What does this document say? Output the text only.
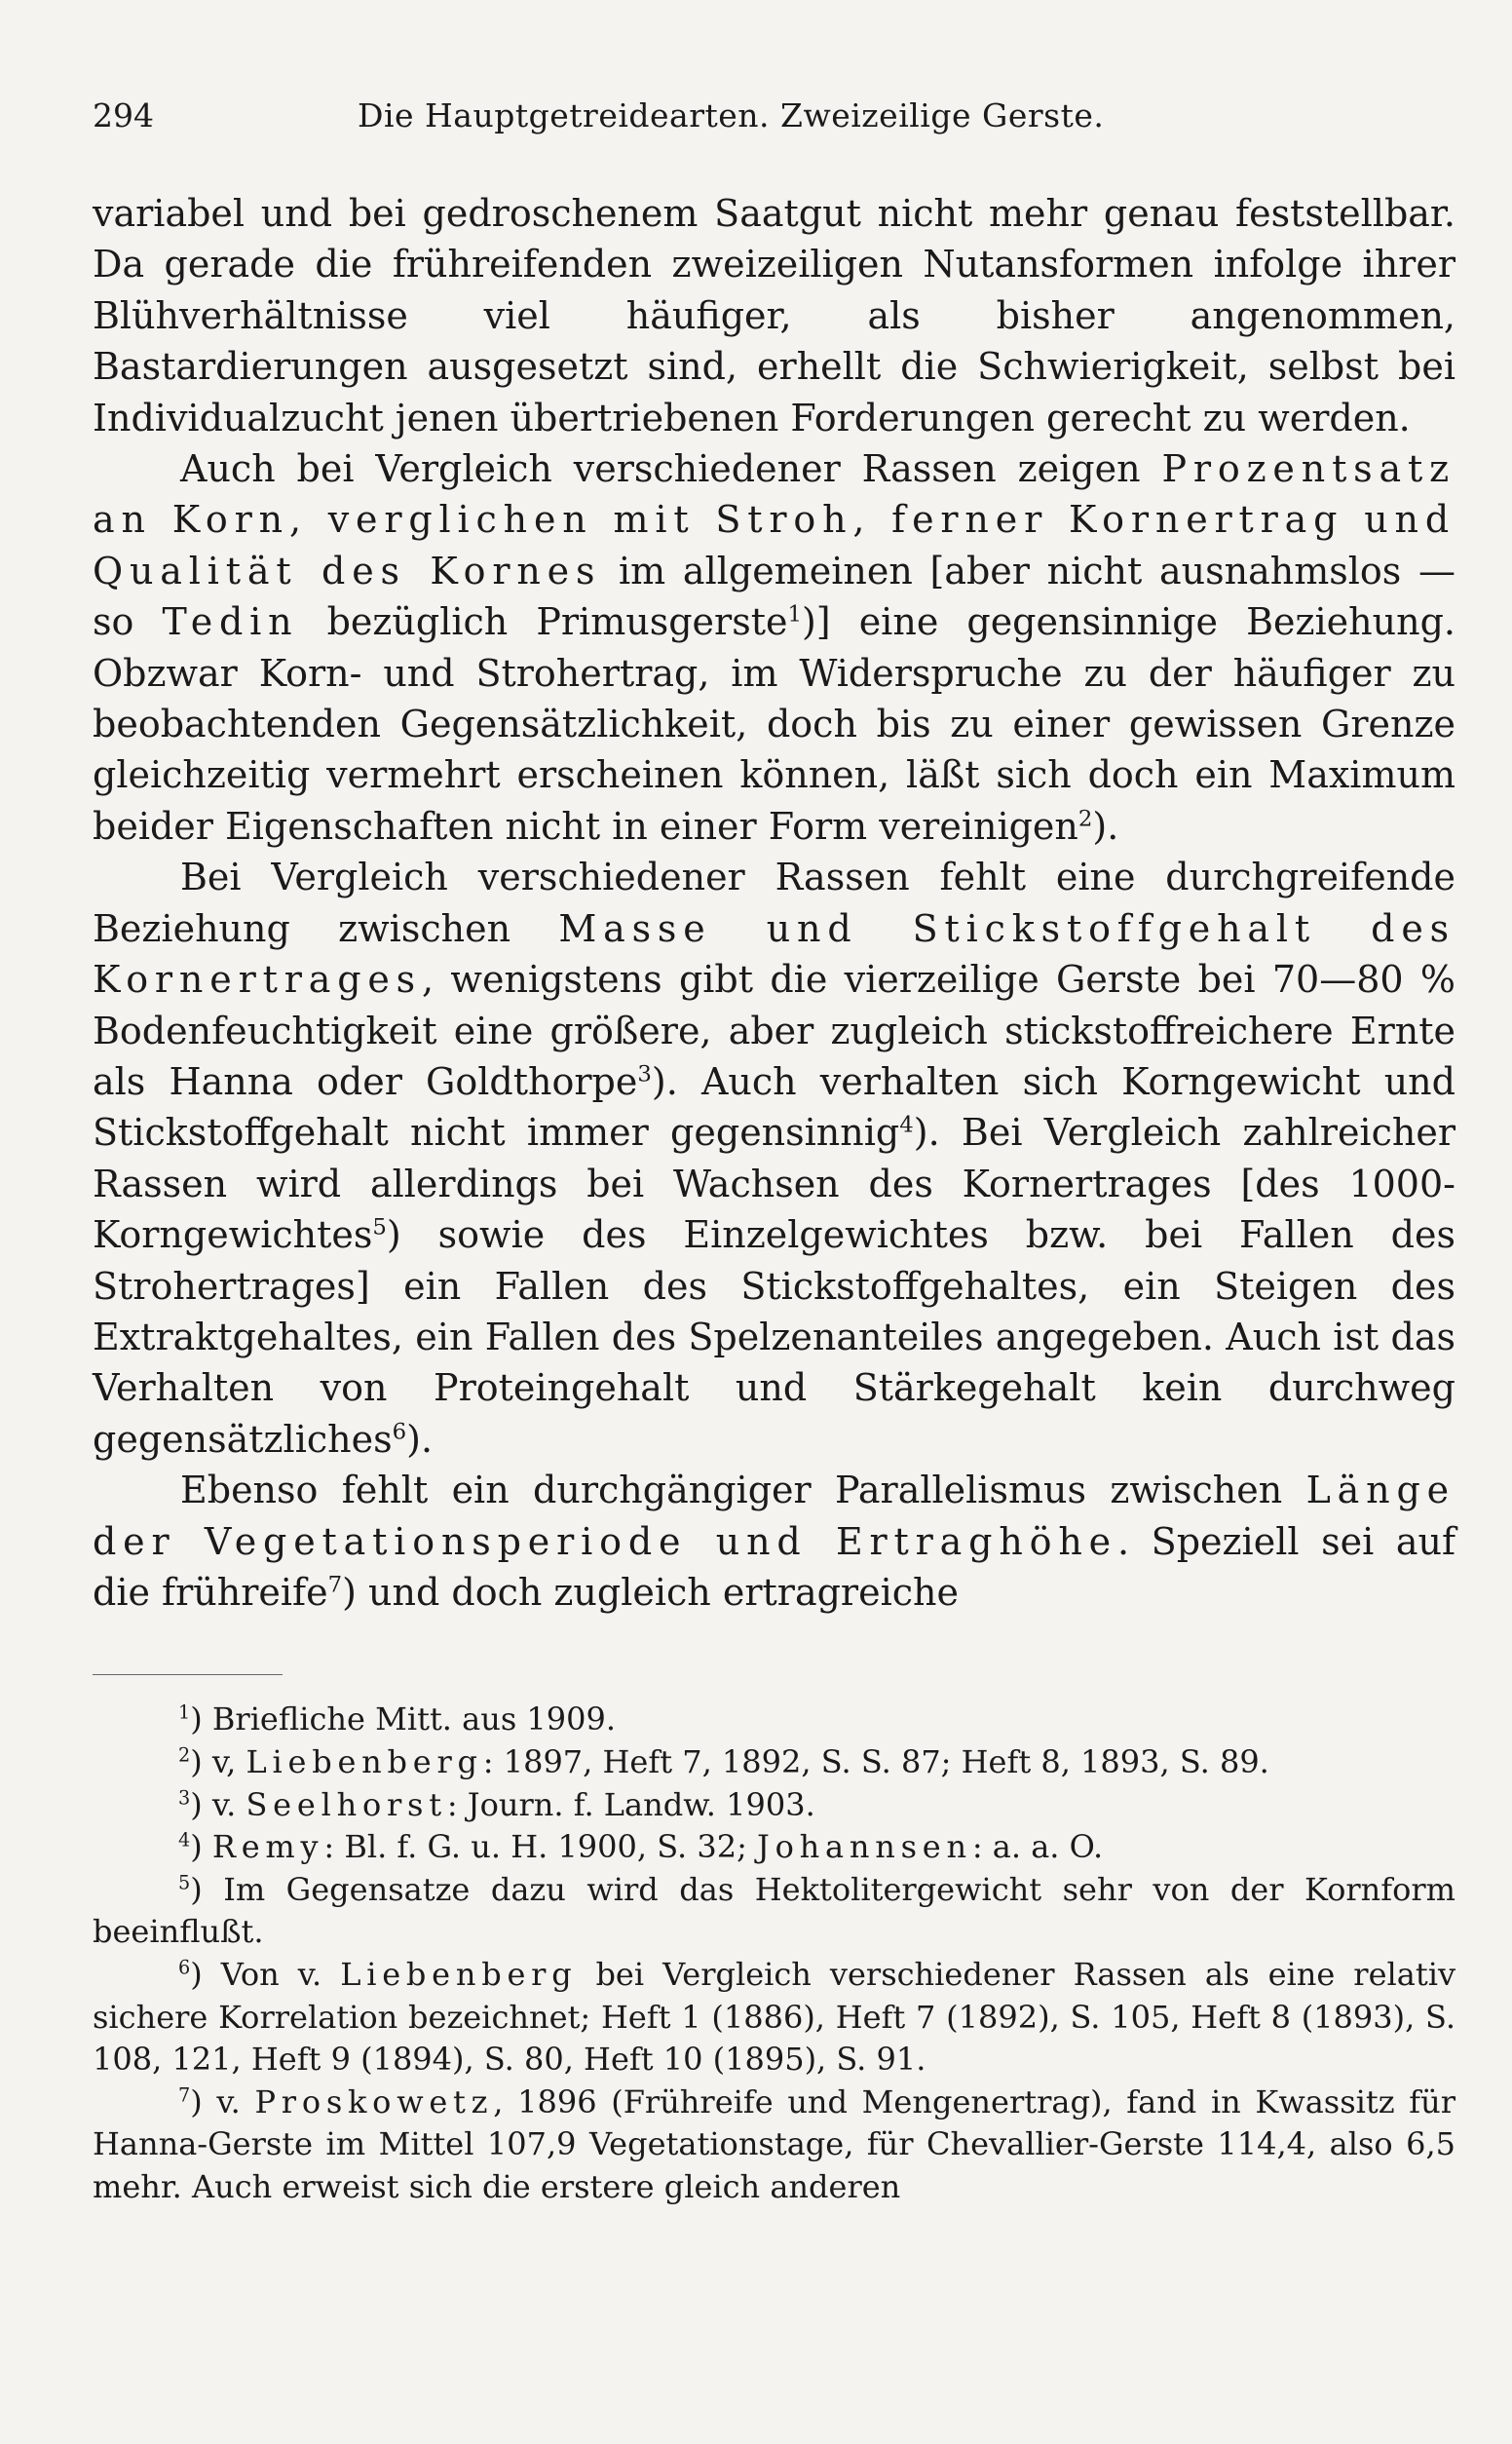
294	Die Hauptgetreidearten. Zweizeilige Gerste.

variabel und bei gedroschenem Saatgut nicht mehr genau feststellbar. Da gerade die frühreifenden zweizeiligen Nutansformen infolge ihrer Blühverhältnisse viel häufiger, als bisher angenommen, Bastardierungen ausgesetzt sind, erhellt die Schwierigkeit, selbst bei Individualzucht jenen übertriebenen Forderungen gerecht zu werden.

Auch bei Vergleich verschiedener Rassen zeigen Prozentsatz an Korn, verglichen mit Stroh, ferner Kornertrag und Qualität des Kornes im allgemeinen [aber nicht ausnahmslos — so Tedin bezüglich Primusgerste$^1$)] eine gegensinnige Beziehung. Obzwar Korn- und Strohertrag, im Widerspruche zu der häufiger zu beobachtenden Gegensätzlichkeit, doch bis zu einer gewissen Grenze gleichzeitig vermehrt erscheinen können, läßt sich doch ein Maximum beider Eigenschaften nicht in einer Form vereinigen$^2$).

Bei Vergleich verschiedener Rassen fehlt eine durchgreifende Beziehung zwischen Masse und Stickstoffgehalt des Kornertrages, wenigstens gibt die vierzeilige Gerste bei 70—80 % Bodenfeuchtigkeit eine größere, aber zugleich stickstoffreichere Ernte als Hanna oder Goldthorpe$^3$). Auch verhalten sich Korngewicht und Stickstoffgehalt nicht immer gegensinnig$^4$). Bei Vergleich zahlreicher Rassen wird allerdings bei Wachsen des Kornertrages [des 1000-Korngewichtes$^5$) sowie des Einzelgewichtes bzw. bei Fallen des Strohertrages] ein Fallen des Stickstoffgehaltes, ein Steigen des Extraktgehaltes, ein Fallen des Spelzenanteiles angegeben. Auch ist das Verhalten von Proteingehalt und Stärkegehalt kein durchweg gegensätzliches$^6$).

Ebenso fehlt ein durchgängiger Parallelismus zwischen Länge der Vegetationsperiode und Ertraghöhe. Speziell sei auf die frühreife$^7$) und doch zugleich ertragreiche

$^1$) Briefliche Mitt. aus 1909.

$^2$) v, Liebenberg: 1897, Heft 7, 1892, S. S. 87; Heft 8, 1893, S. 89.

$^3$) v. Seelhorst: Journ. f. Landw. 1903.

$^4$) Remy: Bl. f. G. u. H. 1900, S. 32; Johannsen: a. a. O.

$^5$) Im Gegensatze dazu wird das Hektolitergewicht sehr von der Kornform beeinflußt.

$^6$) Von v. Liebenberg bei Vergleich verschiedener Rassen als eine relativ sichere Korrelation bezeichnet; Heft 1 (1886), Heft 7 (1892), S. 105, Heft 8 (1893), S. 108, 121, Heft 9 (1894), S. 80, Heft 10 (1895), S. 91.

$^7$) v. Proskowetz, 1896 (Frühreife und Mengenertrag), fand in Kwassitz für Hanna-Gerste im Mittel 107,9 Vegetationstage, für Chevallier-Gerste 114,4, also 6,5 mehr. Auch erweist sich die erstere gleich anderen
